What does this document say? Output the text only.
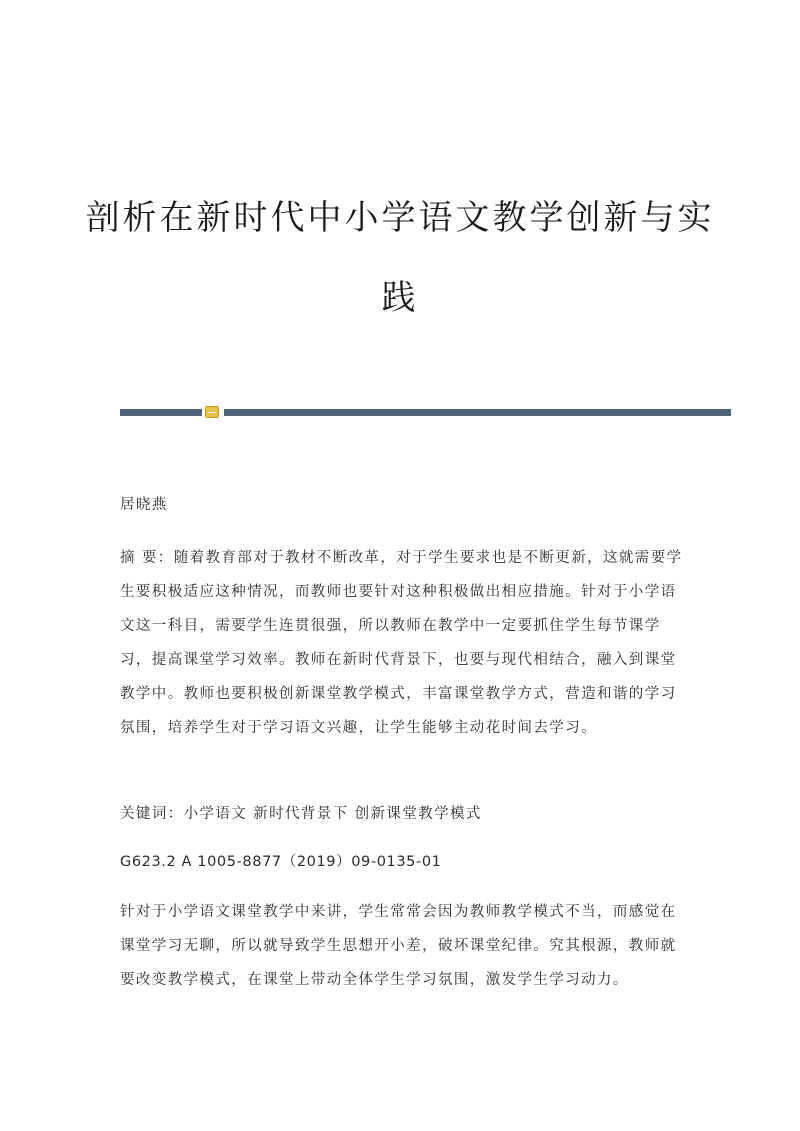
剖析在新时代中小学语文教学创新与实
践

居晓燕

摘 要：随着教育部对于教材不断改革，对于学生要求也是不断更新，这就需要学生要积极适应这种情况，而教师也要针对这种积极做出相应措施。针对于小学语文这一科目，需要学生连贯很强，所以教师在教学中一定要抓住学生每节课学习，提高课堂学习效率。教师在新时代背景下，也要与现代相结合，融入到课堂教学中。教师也要积极创新课堂教学模式，丰富课堂教学方式，营造和谐的学习氛围，培养学生对于学习语文兴趣，让学生能够主动花时间去学习。

关键词：小学语文 新时代背景下 创新课堂教学模式

G623.2 A 1005-8877（2019）09-0135-01

针对于小学语文课堂教学中来讲，学生常常会因为教师教学模式不当，而感觉在课堂学习无聊，所以就导致学生思想开小差，破坏课堂纪律。究其根源，教师就要改变教学模式，在课堂上带动全体学生学习氛围，激发学生学习动力。
